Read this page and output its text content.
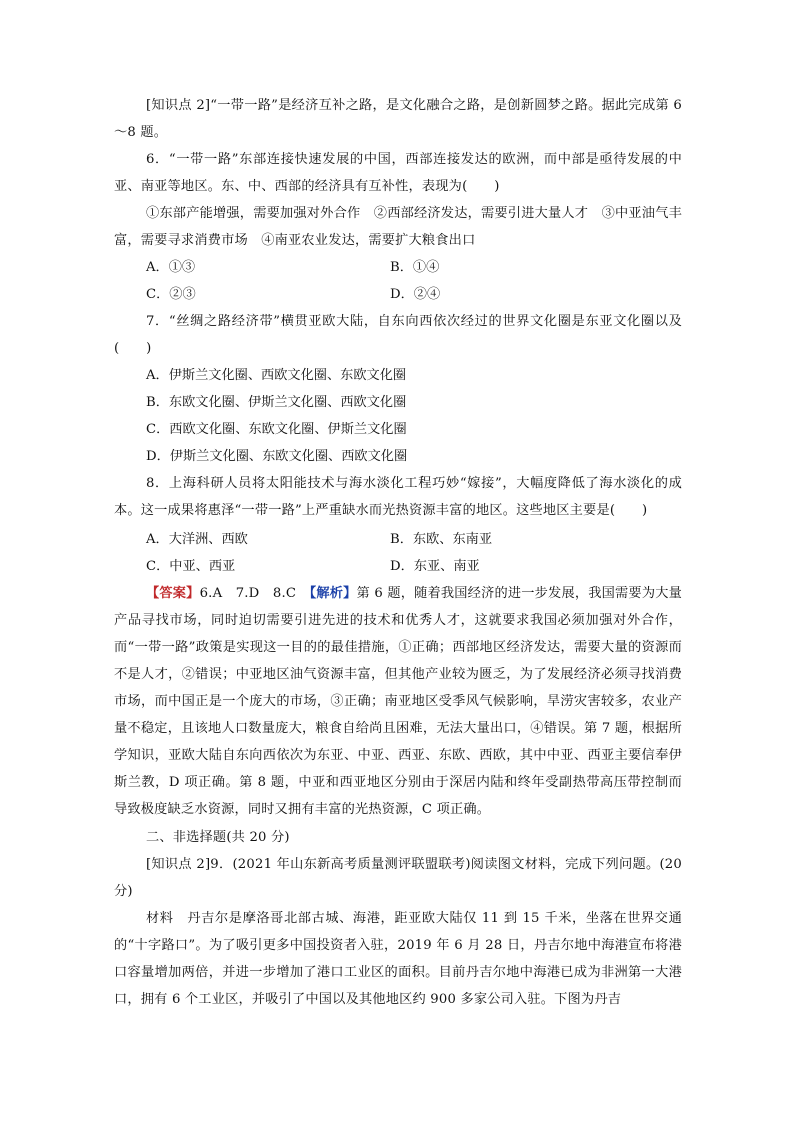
[知识点 2]“一带一路”是经济互补之路，是文化融合之路，是创新圆梦之路。据此完成第 6～8 题。

6．“一带一路”东部连接快速发展的中国，西部连接发达的欧洲，而中部是亟待发展的中亚、南亚等地区。东、中、西部的经济具有互补性，表现为(　　)

①东部产能增强，需要加强对外合作　②西部经济发达，需要引进大量人才　③中亚油气丰富，需要寻求消费市场　④南亚农业发达，需要扩大粮食出口

A．①③	B．①④

C．②③	D．②④

7．“丝绸之路经济带”横贯亚欧大陆，自东向西依次经过的世界文化圈是东亚文化圈以及(　　)

A．伊斯兰文化圈、西欧文化圈、东欧文化圈

B．东欧文化圈、伊斯兰文化圈、西欧文化圈

C．西欧文化圈、东欧文化圈、伊斯兰文化圈

D．伊斯兰文化圈、东欧文化圈、西欧文化圈

8．上海科研人员将太阳能技术与海水淡化工程巧妙“嫁接”，大幅度降低了海水淡化的成本。这一成果将惠泽“一带一路”上严重缺水而光热资源丰富的地区。这些地区主要是(　　)

A．大洋洲、西欧	B．东欧、东南亚

C．中亚、西亚	D．东亚、南亚

【答案】6.A　7.D　8.C　【解析】第 6 题，随着我国经济的进一步发展，我国需要为大量产品寻找市场，同时迫切需要引进先进的技术和优秀人才，这就要求我国必须加强对外合作，而“一带一路”政策是实现这一目的的最佳措施，①正确；西部地区经济发达，需要大量的资源而不是人才，②错误；中亚地区油气资源丰富，但其他产业较为匮乏，为了发展经济必须寻找消费市场，而中国正是一个庞大的市场，③正确；南亚地区受季风气候影响，旱涝灾害较多，农业产量不稳定，且该地人口数量庞大，粮食自给尚且困难，无法大量出口，④错误。第 7 题，根据所学知识，亚欧大陆自东向西依次为东亚、中亚、西亚、东欧、西欧，其中中亚、西亚主要信奉伊斯兰教，D 项正确。第 8 题，中亚和西亚地区分别由于深居内陆和终年受副热带高压带控制而导致极度缺乏水资源，同时又拥有丰富的光热资源，C 项正确。

二、非选择题(共 20 分)

[知识点 2]9．(2021 年山东新高考质量测评联盟联考)阅读图文材料，完成下列问题。(20 分)

材料　丹吉尔是摩洛哥北部古城、海港，距亚欧大陆仅 11 到 15 千米，坐落在世界交通的“十字路口”。为了吸引更多中国投资者入驻，2019 年 6 月 28 日，丹吉尔地中海港宣布将港口容量增加两倍，并进一步增加了港口工业区的面积。目前丹吉尔地中海港已成为非洲第一大港口，拥有 6 个工业区，并吸引了中国以及其他地区约 900 多家公司入驻。下图为丹吉
